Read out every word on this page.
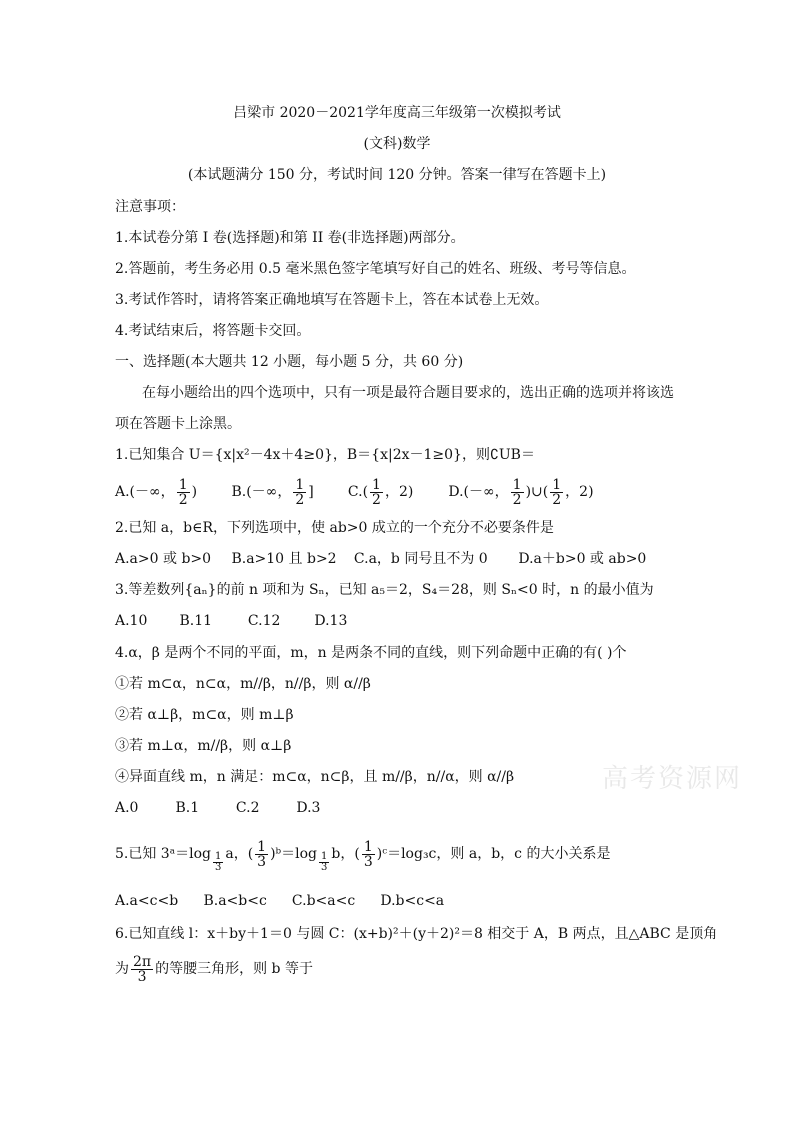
吕梁市 2020－2021学年度高三年级第一次模拟考试
(文科)数学
(本试题满分 150 分，考试时间 120 分钟。答案一律写在答题卡上)
注意事项：
1.本试卷分第 I 卷(选择题)和第 II 卷(非选择题)两部分。
2.答题前，考生务必用 0.5 毫米黑色签字笔填写好自己的姓名、班级、考号等信息。
3.考试作答时，请将答案正确地填写在答题卡上，答在本试卷上无效。
4.考试结束后，将答题卡交回。
一、选择题(本大题共 12 小题，每小题 5 分，共 60 分)
在每小题给出的四个选项中，只有一项是最符合题目要求的，选出正确的选项并将该选
项在答题卡上涂黑。
1.已知集合 U＝{x|x²－4x＋4≥0}，B＝{x|2x－1≥0}，则∁UB＝
A.(－∞， $\frac{1}{2}$ ) B.(－∞， $\frac{1}{2}$ ] $C.( \frac{1}{2}$ ，2)	D.(－∞， $\frac{1}{2}$ )∪( $\frac{1}{2}$ ，2)
2.已知 a，b∈R，下列选项中，使 ab>0 成立的一个充分不必要条件是
A.a>0 或 b>0 B.a>10 且 b>2 C.a，b 同号且不为 0 D.a＋b>0 或 ab>0
3.等差数列{aₙ}的前 n 项和为 Sₙ，已知 a₅＝2，S₄＝28，则 Sₙ<0 时，n 的最小值为
A.10 B.11	C.12 D.13
4.α，β 是两个不同的平面，m，n 是两条不同的直线，则下列命题中正确的有( )个
①若 m⊂α，n⊂α，m//β，n//β，则 α//β
②若 α⊥β，m⊂α，则 m⊥β
③若 m⊥α，m//β，则 α⊥β
④异面直线 m，n 满足：m⊂α，n⊂β，且 m//β，n//α，则 α//β
A.0	B.1	C.2	D.3
高考资源网
5.已知 3ᵃ＝log $\frac{1}{3}$ a，( $\frac{1}{3}$ )ᵇ＝log $\frac{1}{3}$ b，( $\frac{1}{3}$ )ᶜ＝log₃c，则 a，b，c 的大小关系是
A.a<c<b B.a<b<c C.b<a<c D.b<c<a
6.已知直线 l：x＋by＋1＝0 与圆 C：(x+b)²＋(y＋2)²＝8 相交于 A，B 两点，且△ABC 是顶角
为 $\frac{2\pi}{3}$ 的等腰三角形，则 b 等于
